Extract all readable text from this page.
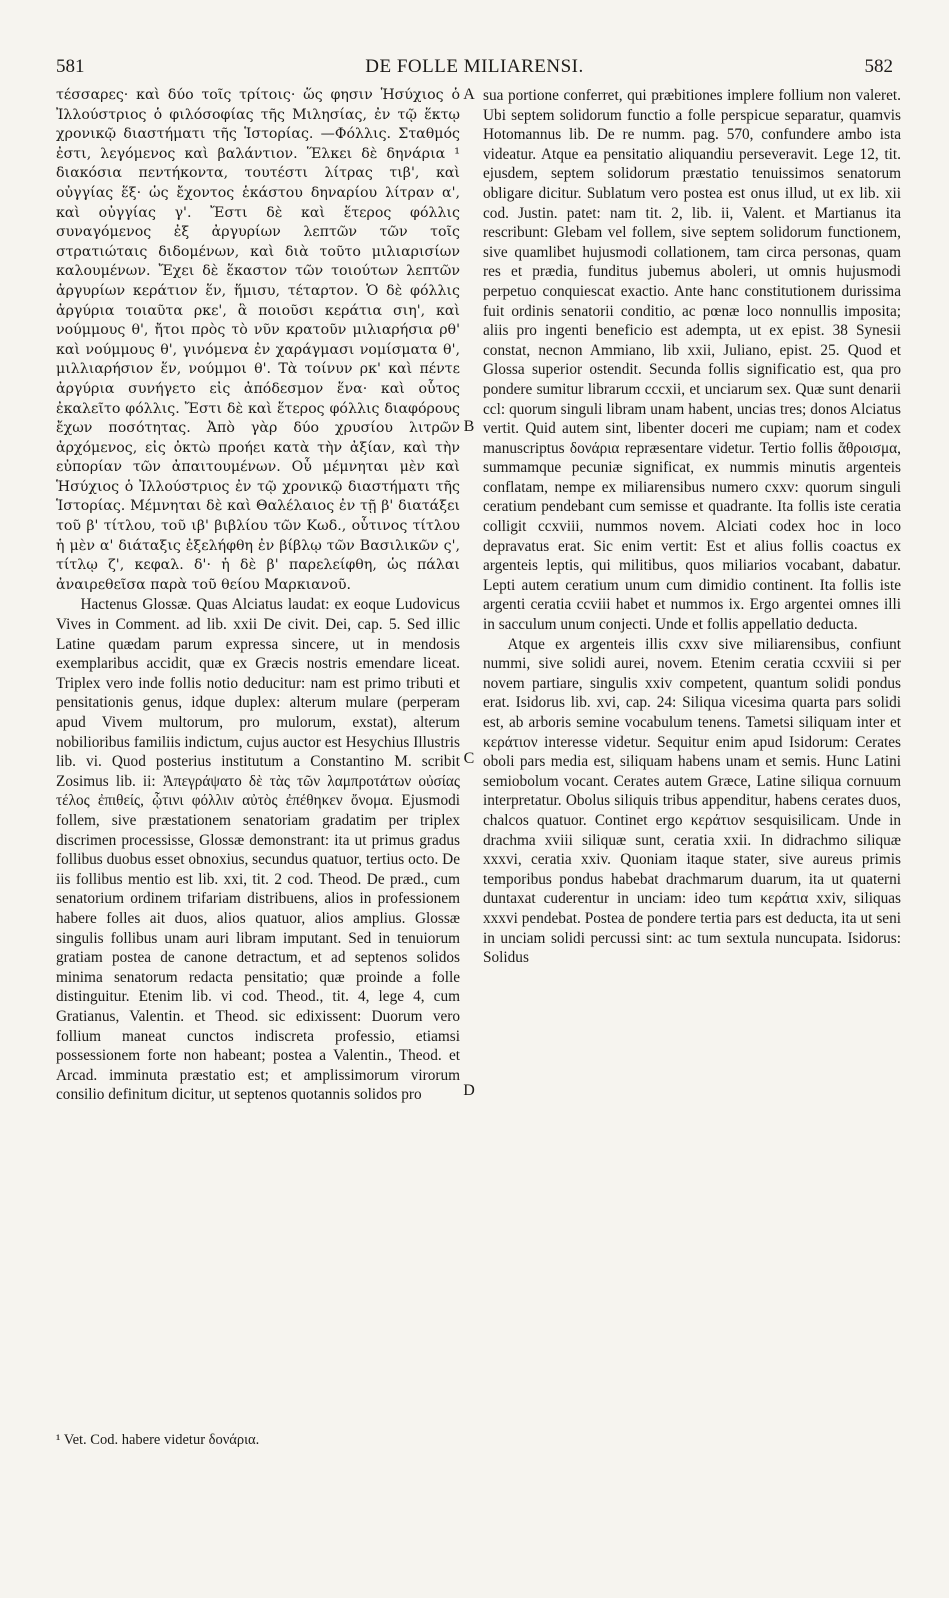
581	DE FOLLE MILIARENSI.	582

τέσσαρες· καὶ δύο τοῖς τρίτοις· ὥς φησιν Ἡσύχιος ὁ Ἰλλούστριος ὁ φιλόσοφίας τῆς Μιλησίας, ἐν τῷ ἕκτῳ χρονικῷ διαστήματι τῆς Ἱστορίας. —Φόλλις. Σταθμός ἐστι, λεγόμενος καὶ βαλάντιον. Ἕλκει δὲ δηνάρια ¹ διακόσια πεντήκοντα, τουτέστι λίτρας τιβ', καὶ οὐγγίας ἕξ· ὡς ἔχοντος ἑκάστου δηναρίου λίτραν α', καὶ οὐγγίας γ'. Ἔστι δὲ καὶ ἕτερος φόλλις συναγόμενος ἐξ ἀργυρίων λεπτῶν τῶν τοῖς στρατιώταις διδομένων, καὶ διὰ τοῦτο μιλιαρισίων καλουμένων. Ἔχει δὲ ἕκαστον τῶν τοιούτων λεπτῶν ἀργυρίων κεράτιον ἕν, ἥμισυ, τέταρτον. Ὁ δὲ φόλλις ἀργύρια τοιαῦτα ρκε', ἃ ποιοῦσι κεράτια σιη', καὶ νούμμους θ', ἤτοι πρὸς τὸ νῦν κρατοῦν μιλιαρήσια ρθ' καὶ νούμμους θ', γινόμενα ἐν χαράγμασι νομίσματα θ', μιλλιαρήσιον ἕν, νούμμοι θ'. Τὰ τοίνυν ρκ' καὶ πέντε ἀργύρια συνήγετο εἰς ἀπόδεσμον ἕνα· καὶ οὗτος ἐκαλεῖτο φόλλις. Ἔστι δὲ καὶ ἕτερος φόλλις διαφόρους ἔχων ποσότητας. Ἀπὸ γὰρ δύο χρυσίου λιτρῶν ἀρχόμενος, εἰς ὀκτὼ προήει κατὰ τὴν ἀξίαν, καὶ τὴν εὐπορίαν τῶν ἀπαιτουμένων. Οὗ μέμνηται μὲν καὶ Ἡσύχιος ὁ Ἰλλούστριος ἐν τῷ χρονικῷ διαστήματι τῆς Ἱστορίας. Μέμνηται δὲ καὶ Θαλέλαιος ἐν τῇ β' διατάξει τοῦ β' τίτλου, τοῦ ιβ' βιβλίου τῶν Κωδ., οὗτινος τίτλου ἡ μὲν α' διάταξις ἐξελήφθη ἐν βίβλῳ τῶν Βασιλικῶν ς', τίτλῳ ζ', κεφαλ. δ'· ἡ δὲ β' παρελείφθη, ὡς πάλαι ἀναιρεθεῖσα παρὰ τοῦ θείου Μαρκιανοῦ.

Hactenus Glossæ. Quas Alciatus laudat: ex eoque Ludovicus Vives in Comment. ad lib. xxii De civit. Dei, cap. 5. Sed illic Latine quædam parum expressa sincere, ut in mendosis exemplaribus accidit, quæ ex Græcis nostris emendare liceat. Triplex vero inde follis notio deducitur: nam est primo tributi et pensitationis genus, idque duplex: alterum mulare (perperam apud Vivem multorum, pro mulorum, exstat), alterum nobilioribus familiis indictum, cujus auctor est Hesychius Illustris lib. vi. Quod posterius institutum a Constantino M. scribit Zosimus lib. ii: Ἀπεγράψατο δὲ τὰς τῶν λαμπροτάτων οὐσίας τέλος ἐπιθείς, ᾧτινι φόλλιν αὐτὸς ἐπέθηκεν ὄνομα. Ejusmodi follem, sive præstationem senatoriam gradatim per triplex discrimen processisse, Glossæ demonstrant: ita ut primus gradus follibus duobus esset obnoxius, secundus quatuor, tertius octo. De iis follibus mentio est lib. xxi, tit. 2 cod. Theod. De præd., cum senatorium ordinem trifariam distribuens, alios in professionem habere folles ait duos, alios quatuor, alios amplius. Glossæ singulis follibus unam auri libram imputant. Sed in tenuiorum gratiam postea de canone detractum, et ad septenos solidos minima senatorum redacta pensitatio; quæ proinde a folle distinguitur. Etenim lib. vi cod. Theod., tit. 4, lege 4, cum Gratianus, Valentin. et Theod. sic edixissent: Duorum vero follium maneat cunctos indiscreta professio, etiamsi possessionem forte non habeant; postea a Valentin., Theod. et Arcad. imminuta præstatio est; et amplissimorum virorum consilio definitum dicitur, ut septenos quotannis solidos pro

A
B
C
D

sua portione conferret, qui præbitiones implere follium non valeret. Ubi septem solidorum functio a folle perspicue separatur, quamvis Hotomannus lib. De re numm. pag. 570, confundere ambo ista videatur. Atque ea pensitatio aliquandiu perseveravit. Lege 12, tit. ejusdem, septem solidorum præstatio tenuissimos senatorum obligare dicitur. Sublatum vero postea est onus illud, ut ex lib. xii cod. Justin. patet: nam tit. 2, lib. ii, Valent. et Martianus ita rescribunt: Glebam vel follem, sive septem solidorum functionem, sive quamlibet hujusmodi collationem, tam circa personas, quam res et prædia, funditus jubemus aboleri, ut omnis hujusmodi perpetuo conquiescat exactio. Ante hanc constitutionem durissima fuit ordinis senatorii conditio, ac pœnæ loco nonnullis imposita; aliis pro ingenti beneficio est adempta, ut ex epist. 38 Synesii constat, necnon Ammiano, lib xxii, Juliano, epist. 25. Quod et Glossa superior ostendit. Secunda follis significatio est, qua pro pondere sumitur librarum cccxii, et unciarum sex. Quæ sunt denarii ccl: quorum singuli libram unam habent, uncias tres; donos Alciatus vertit. Quid autem sint, libenter doceri me cupiam; nam et codex manuscriptus δονάρια repræsentare videtur. Tertio follis ἄθροισμα, summamque pecuniæ significat, ex nummis minutis argenteis conflatam, nempe ex miliarensibus numero cxxv: quorum singuli ceratium pendebant cum semisse et quadrante. Ita follis iste ceratia colligit ccxviii, nummos novem. Alciati codex hoc in loco depravatus erat. Sic enim vertit: Est et alius follis coactus ex argenteis leptis, qui militibus, quos miliarios vocabant, dabatur. Lepti autem ceratium unum cum dimidio continent. Ita follis iste argenti ceratia ccviii habet et nummos ix. Ergo argentei omnes illi in sacculum unum conjecti. Unde et follis appellatio deducta.

Atque ex argenteis illis cxxv sive miliarensibus, confiunt nummi, sive solidi aurei, novem. Etenim ceratia ccxviii si per novem partiare, singulis xxiv competent, quantum solidi pondus erat. Isidorus lib. xvi, cap. 24: Siliqua vicesima quarta pars solidi est, ab arboris semine vocabulum tenens. Tametsi siliquam inter et κεράτιον interesse videtur. Sequitur enim apud Isidorum: Cerates oboli pars media est, siliquam habens unam et semis. Hunc Latini semiobolum vocant. Cerates autem Græce, Latine siliqua cornuum interpretatur. Obolus siliquis tribus appenditur, habens cerates duos, chalcos quatuor. Continet ergo κεράτιον sesquisilicam. Unde in drachma xviii siliquæ sunt, ceratia xxii. In didrachmo siliquæ xxxvi, ceratia xxiv. Quoniam itaque stater, sive aureus primis temporibus pondus habebat drachmarum duarum, ita ut quaterni duntaxat cuderentur in unciam: ideo tum κεράτια xxiv, siliquas xxxvi pendebat. Postea de pondere tertia pars est deducta, ita ut seni in unciam solidi percussi sint: ac tum sextula nuncupata. Isidorus: Solidus

¹ Vet. Cod. habere videtur δονάρια.
